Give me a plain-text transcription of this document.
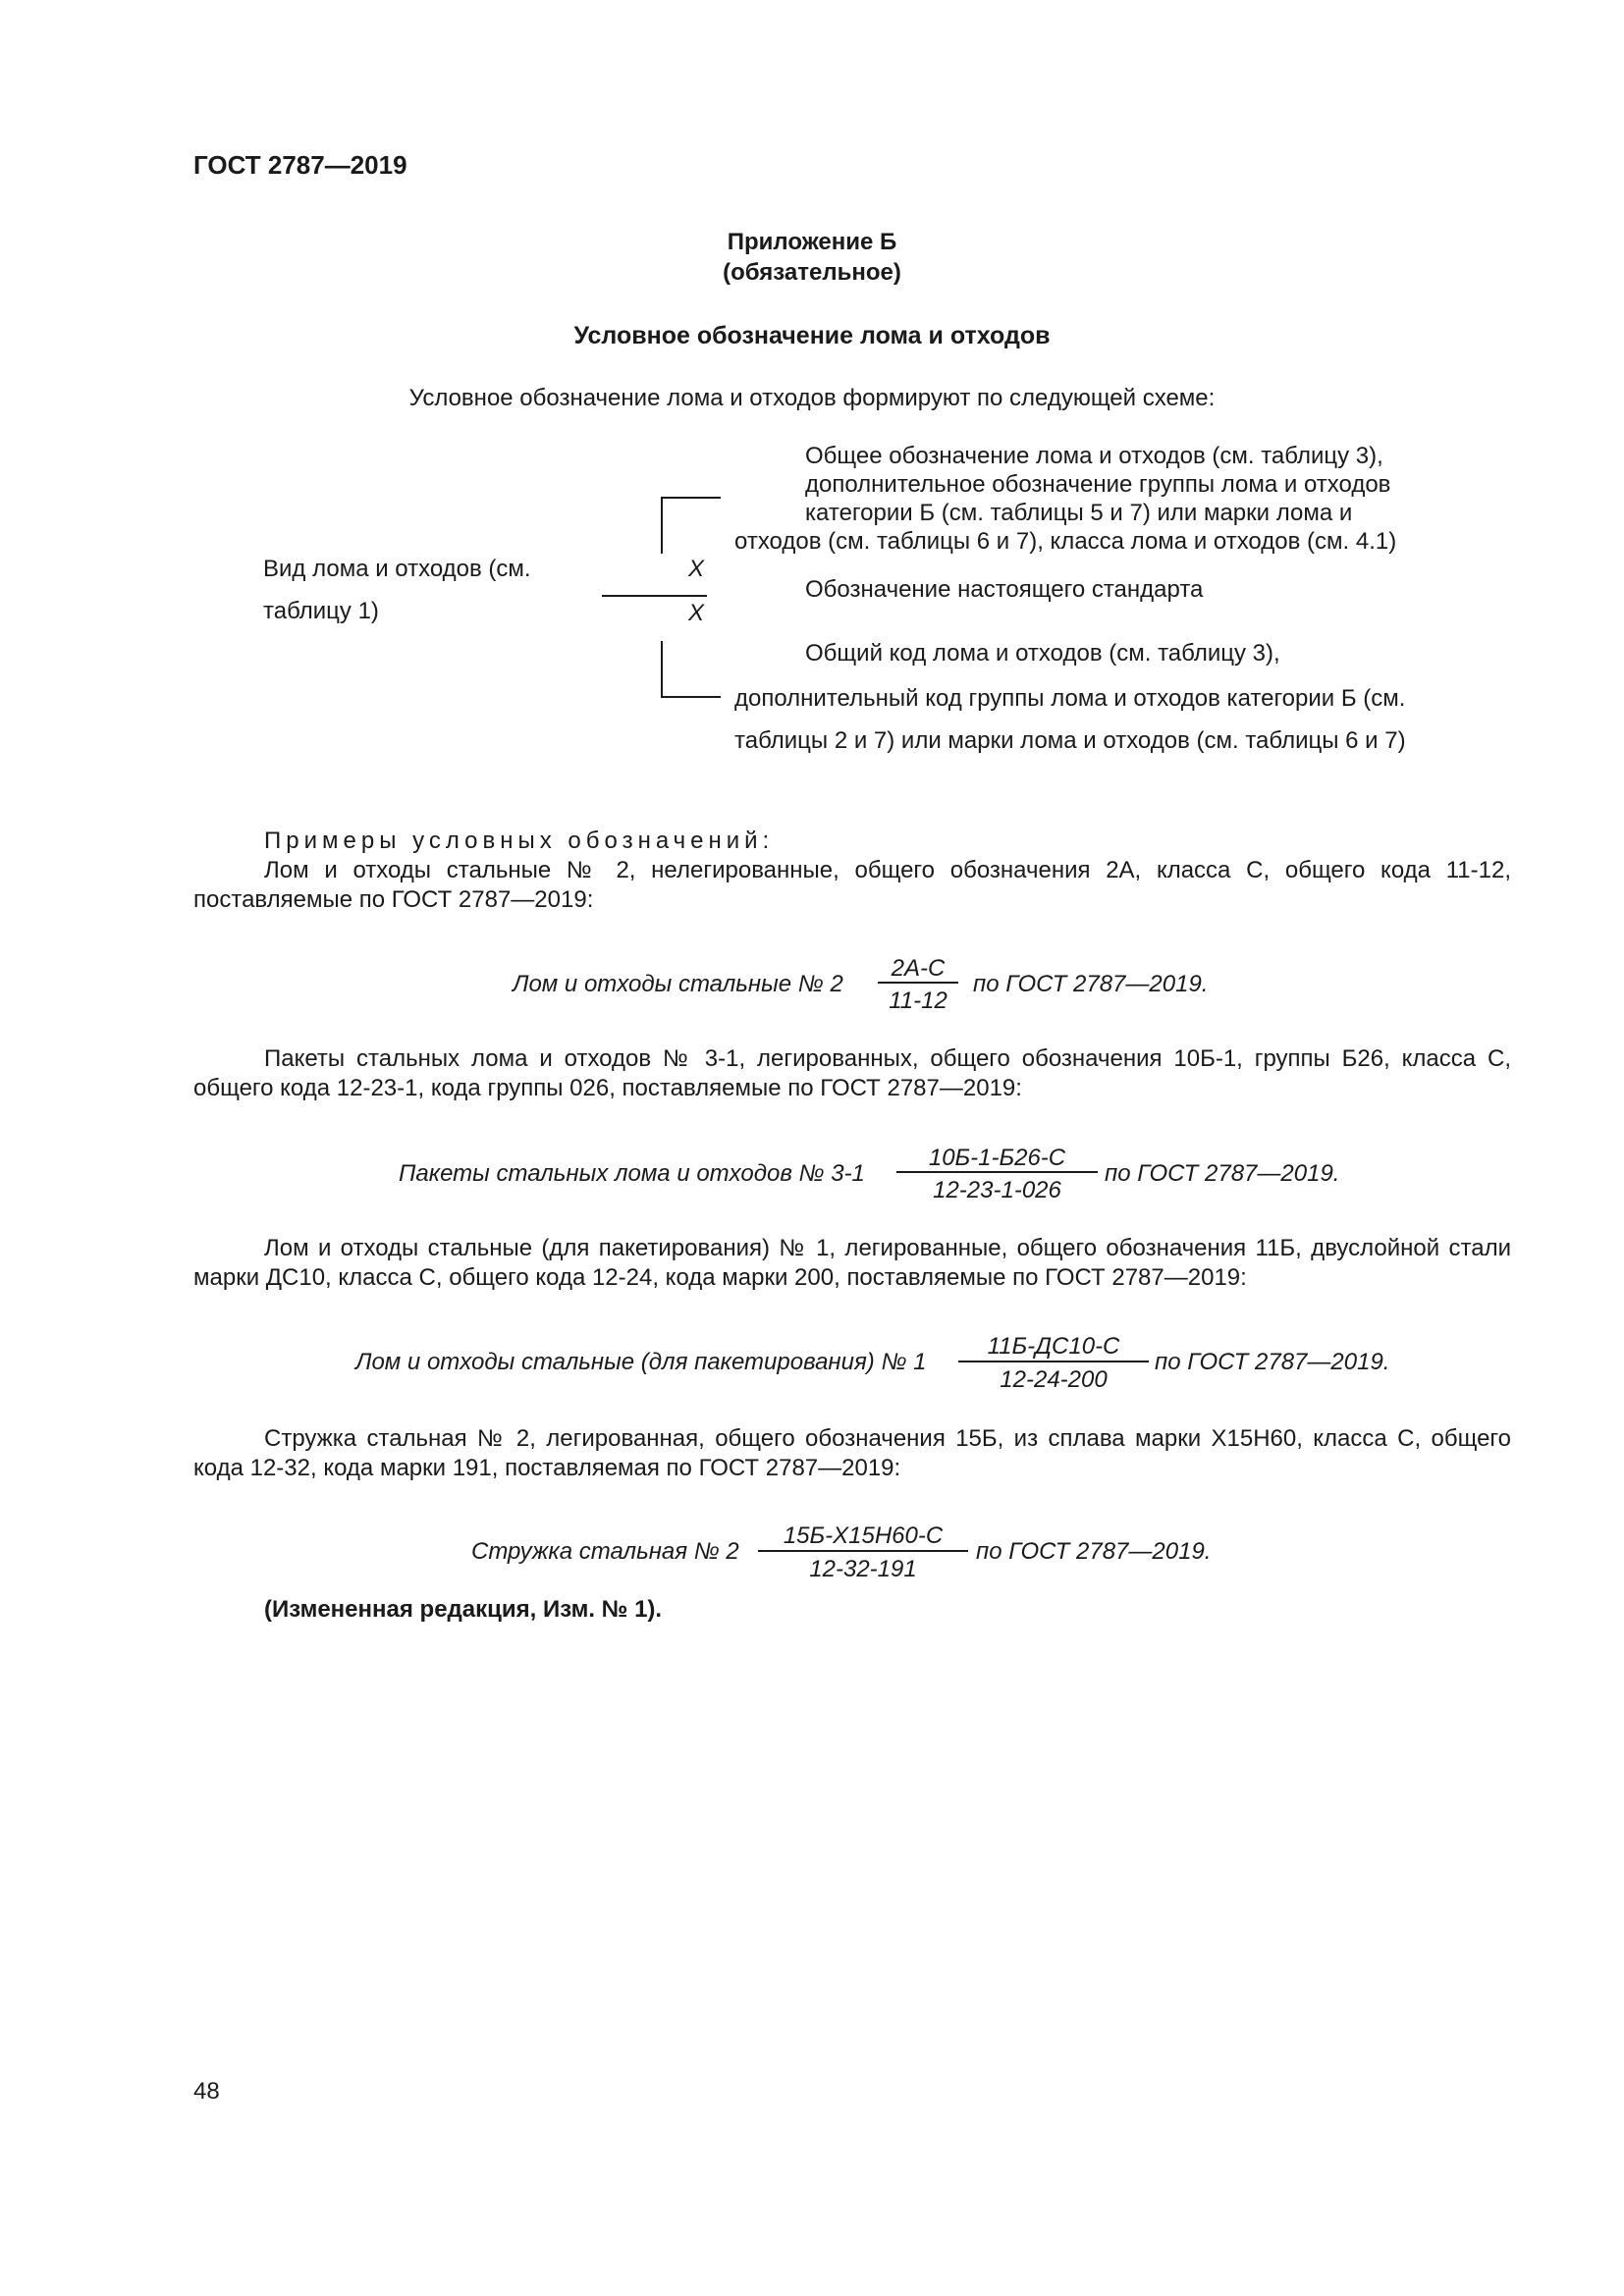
ГОСТ 2787—2019
Приложение Б
(обязательное)
Условное обозначение лома и отходов
Условное обозначение лома и отходов формируют по следующей схеме:
Общее обозначение лома и отходов (см. таблицу 3),
дополнительное обозначение группы лома и отходов
категории Б (см. таблицы 5 и 7) или марки лома и
отходов (см. таблицы 6 и 7), класса лома и отходов (см. 4.1)
Вид лома и отходов (см.
таблицу 1)
X
X
Обозначение настоящего стандарта
Общий код лома и отходов (см. таблицу 3),
дополнительный код группы лома и отходов категории Б (см.
таблицы 2 и 7) или марки лома и отходов (см. таблицы 6 и 7)
Примеры условных обозначений:
Лом и отходы стальные № 2, нелегированные, общего обозначения 2А, класса С, общего кода 11-12, поставляемые по ГОСТ 2787—2019:
Лом и отходы стальные № 2
2А-С
11-12
по ГОСТ 2787—2019.
Пакеты стальных лома и отходов № 3-1, легированных, общего обозначения 10Б-1, группы Б26, класса С, общего кода 12-23-1, кода группы 026, поставляемые по ГОСТ 2787—2019:
Пакеты стальных лома и отходов № 3-1
10Б-1-Б26-С
12-23-1-026
по ГОСТ 2787—2019.
Лом и отходы стальные (для пакетирования) № 1, легированные, общего обозначения 11Б, двуслойной стали марки ДС10, класса С, общего кода 12-24, кода марки 200, поставляемые по ГОСТ 2787—2019:
Лом и отходы стальные (для пакетирования) № 1
11Б-ДС10-С
12-24-200
по ГОСТ 2787—2019.
Стружка стальная № 2, легированная, общего обозначения 15Б, из сплава марки Х15Н60, класса С, общего кода 12-32, кода марки 191, поставляемая по ГОСТ 2787—2019:
Стружка стальная № 2
15Б-Х15Н60-С
12-32-191
по ГОСТ 2787—2019.
(Измененная редакция, Изм. № 1).
48
